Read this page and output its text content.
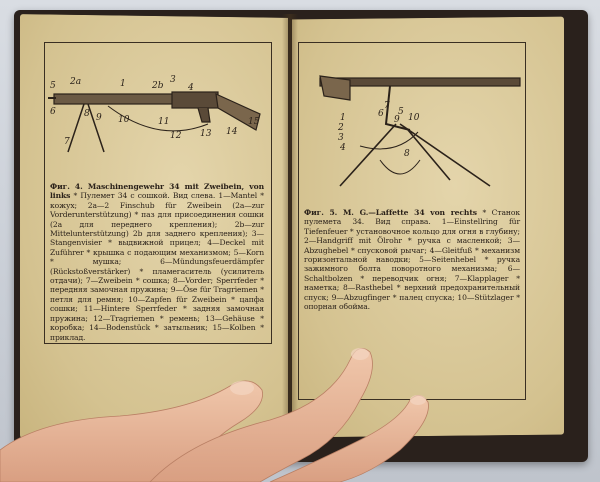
5 2a	1	2b
3
4
6	8 9 10	11
12
7
13 14
15	1
2
3
4
5
6
7
8
9 10
Фиг. 4. Maschinengewehr 34 mit Zweibein, von links * Пулемет 34 с сошкой. Вид слева. 1—Mantel * кожух; 2a—2 Finschub für Zweibein (2a—zur Vorderunterstützung) * паз для присоединения сошки (2a для переднего крепления); 2b—zur Mittelunterstützung) 2b для заднего крепления); 3—Stangenvisier * выдвижной прицел; 4—Deckel mit Zuführer * крышка с подающим механизмом; 5—Korn * мушка; 6—Mündungsfeuerdämpfer (Rückstoßverstärker) * пламегаситель (усилитель отдачи); 7—Zweibein * сошка; 8—Vorder; Sperrfeder * передняя замочная пружина; 9—Öse für Tragriemen * петля для ремня; 10—Zapfen für Zweibein * цапфа сошки; 11—Hintere Sperrfeder * задняя замочная пружина; 12—Tragriemen * ремень; 13—Gehäuse * коробка; 14—Bodenstück * затыльник; 15—Kolben * приклад.
Фиг. 5. M. G.—Laffette 34 von rechts * Станок пулемета 34. Вид справа. 1—Einstellring für Tiefenfeuer * установочное кольцо для огня в глубину; 2—Handgriff mit Ölrohr * ручка с масленкой; 3—Abzughebel * спусковой рычаг; 4—Gleitfuß * механизм горизонтальной наводки; 5—Seitenhebel * ручка зажимного болта поворотного механизма; 6—Schaltbolzen * переводчик огня; 7—Klapplager * наметка; 8—Rasthebel * верхний предохранительный спуск; 9—Abzugfinger * палец спуска; 10—Stützlager * опорная обойма.
